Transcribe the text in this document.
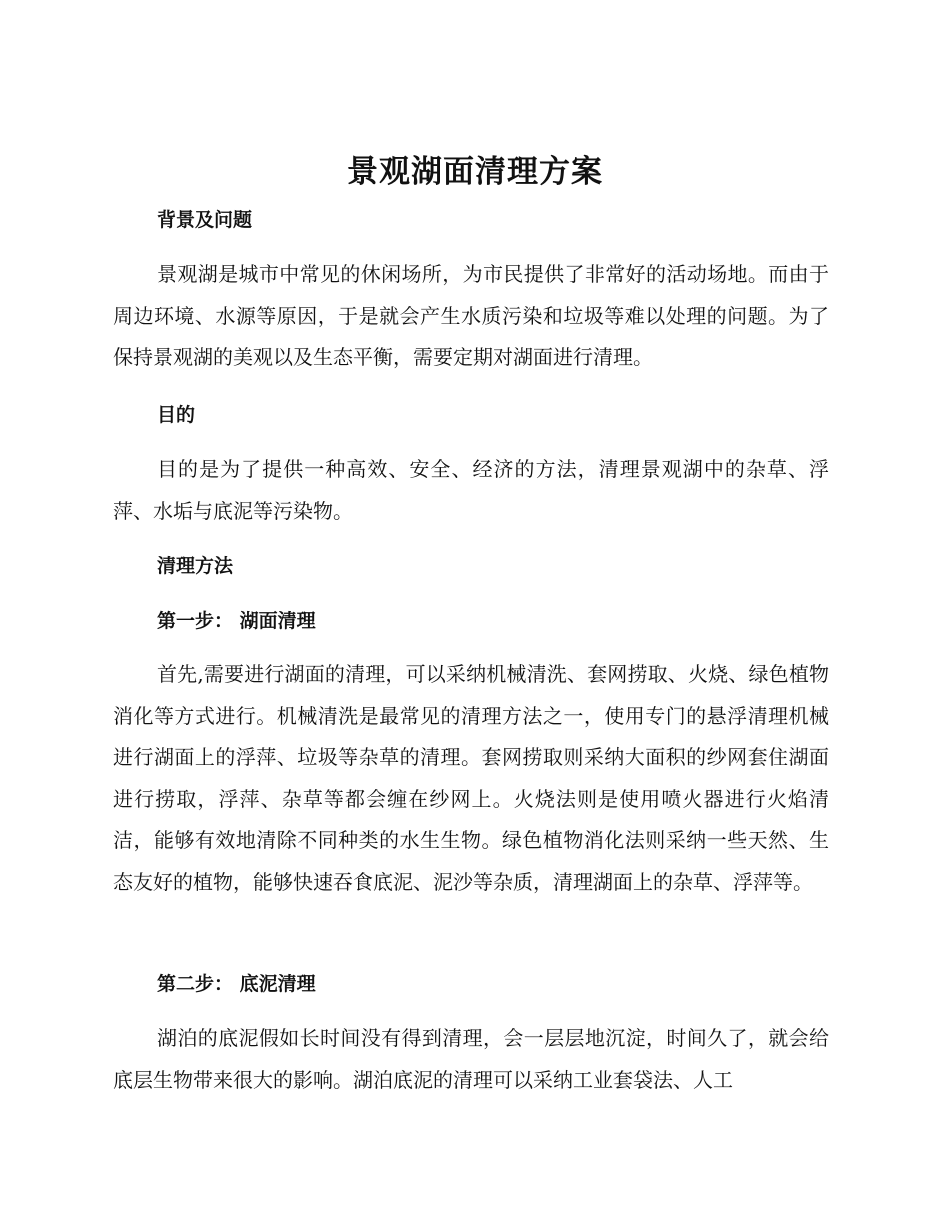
景观湖面清理方案
背景及问题

景观湖是城市中常见的休闲场所，为市民提供了非常好的活动场地。而由于周边环境、水源等原因，于是就会产生水质污染和垃圾等难以处理的问题。为了保持景观湖的美观以及生态平衡，需要定期对湖面进行清理。

目的

目的是为了提供一种高效、安全、经济的方法，清理景观湖中的杂草、浮萍、水垢与底泥等污染物。

清理方法
第一步： 湖面清理

首先,需要进行湖面的清理，可以采纳机械清洗、套网捞取、火烧、绿色植物消化等方式进行。机械清洗是最常见的清理方法之一，使用专门的悬浮清理机械进行湖面上的浮萍、垃圾等杂草的清理。套网捞取则采纳大面积的纱网套住湖面进行捞取，浮萍、杂草等都会缠在纱网上。火烧法则是使用喷火器进行火焰清洁，能够有效地清除不同种类的水生生物。绿色植物消化法则采纳一些天然、生态友好的植物，能够快速吞食底泥、泥沙等杂质，清理湖面上的杂草、浮萍等。

第二步： 底泥清理

湖泊的底泥假如长时间没有得到清理，会一层层地沉淀，时间久了，就会给底层生物带来很大的影响。湖泊底泥的清理可以采纳工业套袋法、人工
